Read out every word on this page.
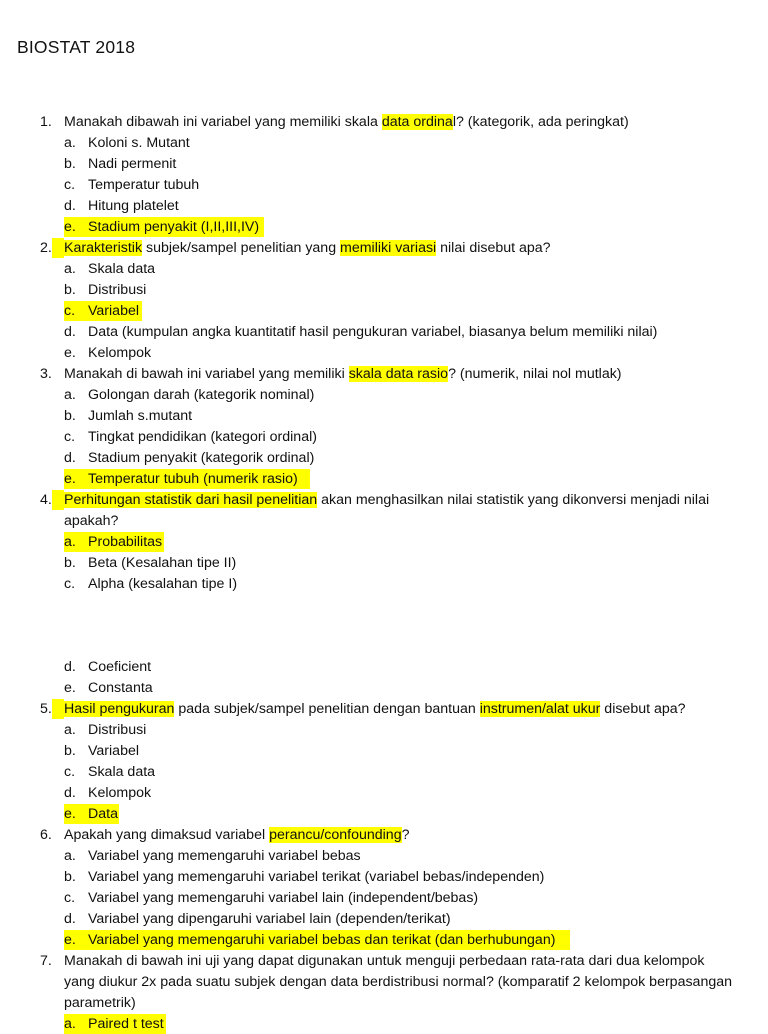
BIOSTAT 2018
1. Manakah dibawah ini variabel yang memiliki skala data ordinal? (kategorik, ada peringkat)
a. Koloni s. Mutant
b. Nadi permenit
c. Temperatur tubuh
d. Hitung platelet
e. Stadium penyakit (I,II,III,IV)
2. Karakteristik subjek/sampel penelitian yang memiliki variasi nilai disebut apa?
a. Skala data
b. Distribusi
c. Variabel
d. Data (kumpulan angka kuantitatif hasil pengukuran variabel, biasanya belum memiliki nilai)
e. Kelompok
3. Manakah di bawah ini variabel yang memiliki skala data rasio? (numerik, nilai nol mutlak)
a. Golongan darah (kategorik nominal)
b. Jumlah s.mutant
c. Tingkat pendidikan (kategori ordinal)
d. Stadium penyakit (kategorik ordinal)
e. Temperatur tubuh (numerik rasio)
4. Perhitungan statistik dari hasil penelitian akan menghasilkan nilai statistik yang dikonversi menjadi nilai
apakah?
a. Probabilitas
b. Beta (Kesalahan tipe II)
c. Alpha (kesalahan tipe I)
d. Coeficient
e. Constanta
5. Hasil pengukuran pada subjek/sampel penelitian dengan bantuan instrumen/alat ukur disebut apa?
a. Distribusi
b. Variabel
c. Skala data
d. Kelompok
e. Data
6. Apakah yang dimaksud variabel perancu/confounding?
a. Variabel yang memengaruhi variabel bebas
b. Variabel yang memengaruhi variabel terikat (variabel bebas/independen)
c. Variabel yang memengaruhi variabel lain (independent/bebas)
d. Variabel yang dipengaruhi variabel lain (dependen/terikat)
e. Variabel yang memengaruhi variabel bebas dan terikat (dan berhubungan)
7. Manakah di bawah ini uji yang dapat digunakan untuk menguji perbedaan rata-rata dari dua kelompok
yang diukur 2x pada suatu subjek dengan data berdistribusi normal? (komparatif 2 kelompok berpasangan
parametrik)
a. Paired t test
